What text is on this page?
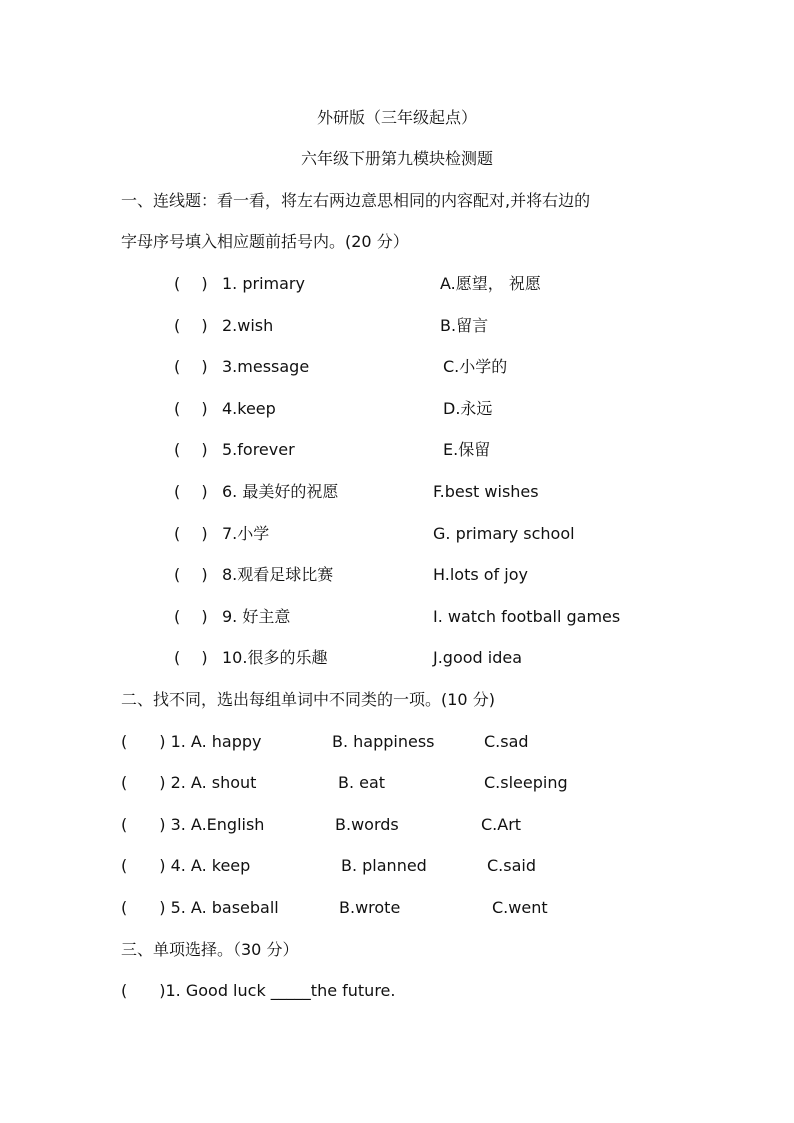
外研版（三年级起点）
六年级下册第九模块检测题
一、连线题：看一看，将左右两边意思相同的内容配对,并将右边的
字母序号填入相应题前括号内。(20 分）
(　 ) 1. primary	A.愿望， 祝愿
(　 ) 2.wish	B.留言
(　 ) 3.message	C.小学的
(　 ) 4.keep	D.永远
(　 ) 5.forever	E.保留
(　 ) 6. 最美好的祝愿	F.best wishes
(　 ) 7.小学	G. primary school
(　 ) 8.观看足球比赛	H.lots of joy
(　 ) 9. 好主意	I. watch football games
(　 ) 10.很多的乐趣	J.good idea
二、找不同，选出每组单词中不同类的一项。(10 分)
(　　) 1. A. happy	B. happiness	C.sad
(　　) 2. A. shout	B. eat	C.sleeping
(　　) 3. A.English	B.words	C.Art
(　　) 4. A. keep	B. planned	C.said
(　　) 5. A. baseball	B.wrote	C.went
三、单项选择。（30 分）
(　　)1. Good luck _____the future.
